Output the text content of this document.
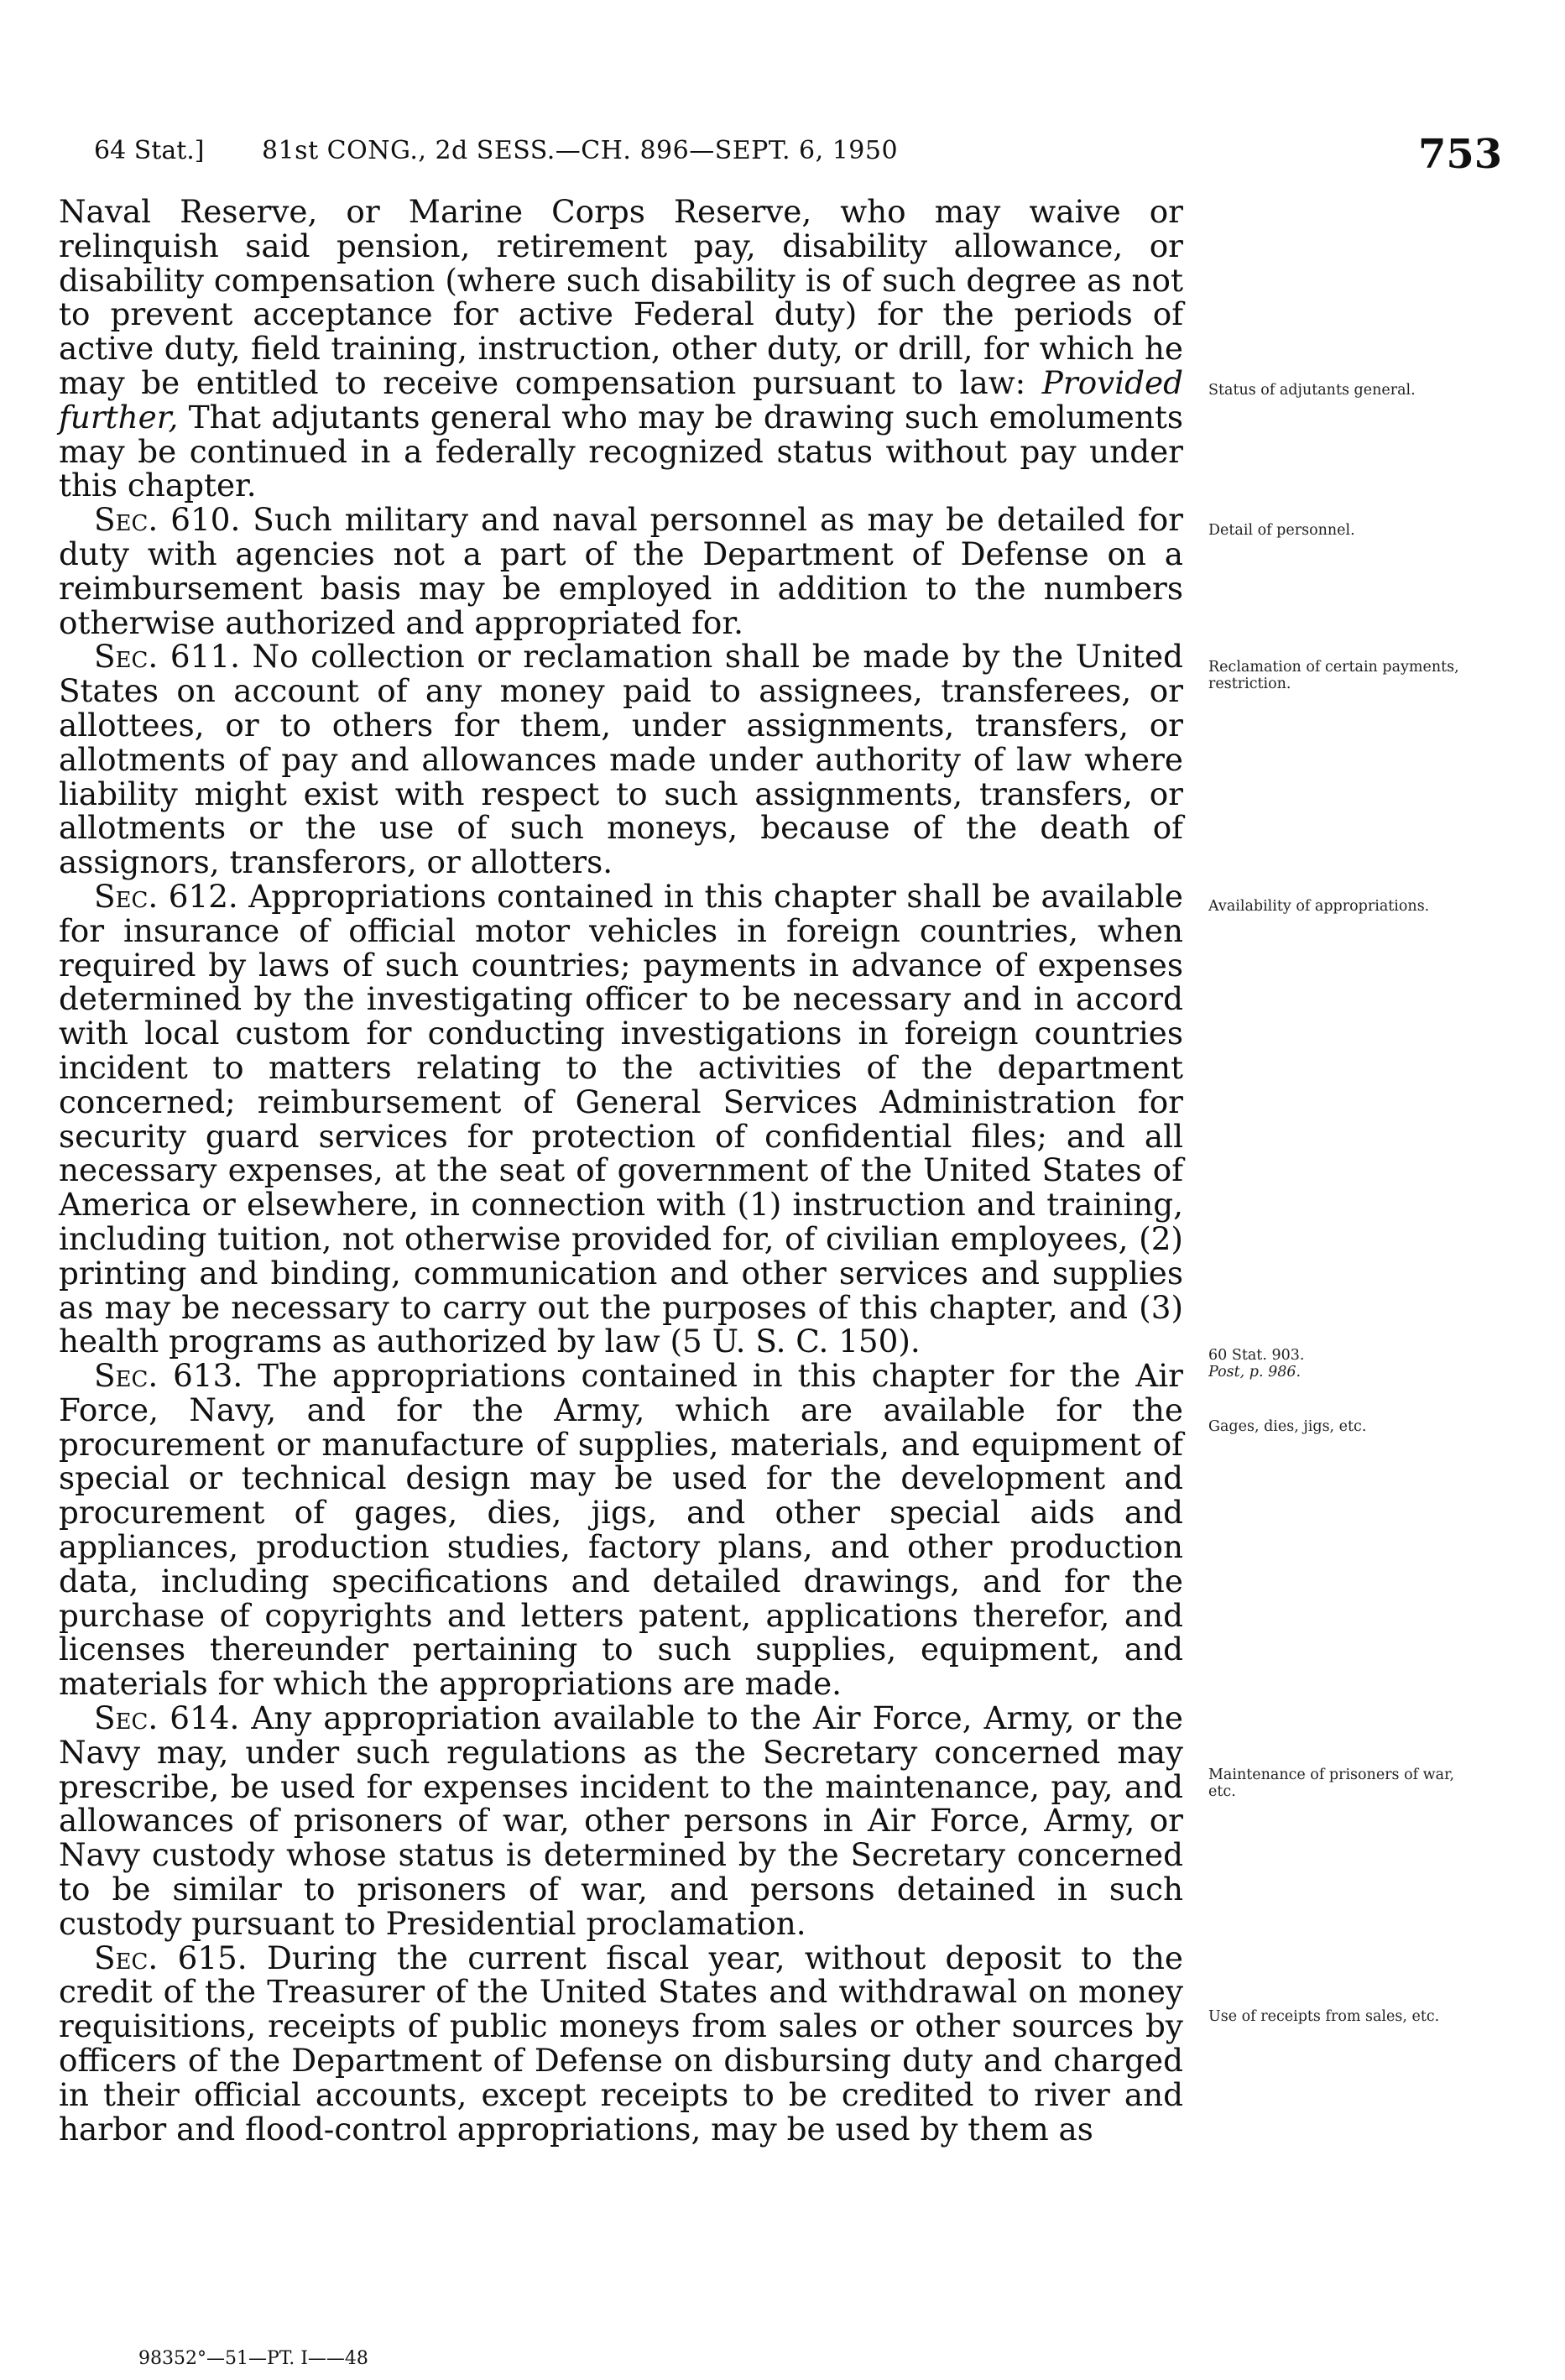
64 Stat.] 81st CONG., 2d SESS.—CH. 896—SEPT. 6, 1950	753

Naval Reserve, or Marine Corps Reserve, who may waive or relinquish said pension, retirement pay, disability allowance, or disability compensation (where such disability is of such degree as not to prevent acceptance for active Federal duty) for the periods of active duty, field training, instruction, other duty, or drill, for which he may be entitled to receive compensation pursuant to law: Provided further, That adjutants general who may be drawing such emoluments may be continued in a federally recognized status without pay under this chapter.

Sec. 610. Such military and naval personnel as may be detailed for duty with agencies not a part of the Department of Defense on a reimbursement basis may be employed in addition to the numbers otherwise authorized and appropriated for.

Sec. 611. No collection or reclamation shall be made by the United States on account of any money paid to assignees, transferees, or allottees, or to others for them, under assignments, transfers, or allotments of pay and allowances made under authority of law where liability might exist with respect to such assignments, transfers, or allotments or the use of such moneys, because of the death of assignors, transferors, or allotters.

Sec. 612. Appropriations contained in this chapter shall be available for insurance of official motor vehicles in foreign countries, when required by laws of such countries; payments in advance of expenses determined by the investigating officer to be necessary and in accord with local custom for conducting investigations in foreign countries incident to matters relating to the activities of the department concerned; reimbursement of General Services Administration for security guard services for protection of confidential files; and all necessary expenses, at the seat of government of the United States of America or elsewhere, in connection with (1) instruction and training, including tuition, not otherwise provided for, of civilian employees, (2) printing and binding, communication and other services and supplies as may be necessary to carry out the purposes of this chapter, and (3) health programs as authorized by law (5 U. S. C. 150).

Sec. 613. The appropriations contained in this chapter for the Air Force, Navy, and for the Army, which are available for the procurement or manufacture of supplies, materials, and equipment of special or technical design may be used for the development and procurement of gages, dies, jigs, and other special aids and appliances, production studies, factory plans, and other production data, including specifications and detailed drawings, and for the purchase of copyrights and letters patent, applications therefor, and licenses thereunder pertaining to such supplies, equipment, and materials for which the appropriations are made.

Sec. 614. Any appropriation available to the Air Force, Army, or the Navy may, under such regulations as the Secretary concerned may prescribe, be used for expenses incident to the maintenance, pay, and allowances of prisoners of war, other persons in Air Force, Army, or Navy custody whose status is determined by the Secretary concerned to be similar to prisoners of war, and persons detained in such custody pursuant to Presidential proclamation.

Sec. 615. During the current fiscal year, without deposit to the credit of the Treasurer of the United States and withdrawal on money requisitions, receipts of public moneys from sales or other sources by officers of the Department of Defense on disbursing duty and charged in their official accounts, except receipts to be credited to river and harbor and flood-control appropriations, may be used by them as

Status of adjutants general.
Detail of personnel.
Reclamation of certain payments, restriction.
Availability of appropriations.
60 Stat. 903.
Post, p. 986.
Gages, dies, jigs, etc.
Maintenance of prisoners of war, etc.
Use of receipts from sales, etc.
98352°—51—PT. I——48
